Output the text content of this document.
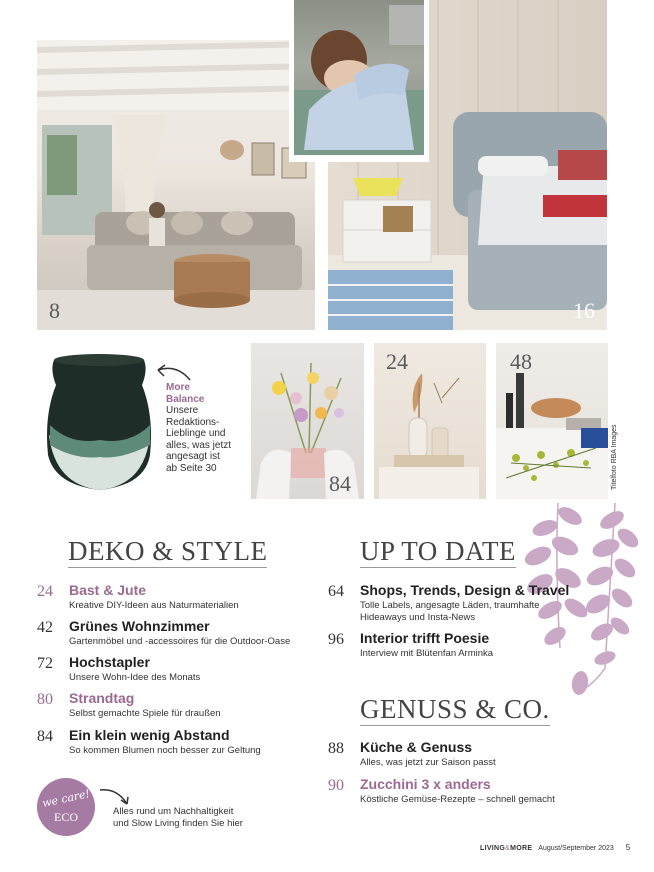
8	16
More
Balance
Unsere
Redaktions-
Lieblinge und
alles, was jetzt
angesagt ist
ab Seite 30
84
24	48
Titelfoto RBA Images
DEKO & STYLE	UP TO DATE
GENUSS & CO.
24	Bast & Jute
Kreative DIY-Ideen aus Naturmaterialien
42	Grünes Wohnzimmer
Gartenmöbel und -accessoires für die Outdoor-Oase
72	Hochstapler
Unsere Wohn-Idee des Monats
80	Strandtag
Selbst gemachte Spiele für draußen
84	Ein klein wenig Abstand
So kommen Blumen noch besser zur Geltung
64	Shops, Trends, Design & Travel
Tolle Labels, angesagte Läden, traumhafte
Hideaways und Insta-News
96	Interior trifft Poesie
Interview mit Blütenfan Arminka
88	Küche & Genuss
Alles, was jetzt zur Saison passt
90	Zucchini 3 x anders
Köstliche Gemüse-Rezepte – schnell gemacht
we care!
ECO	Alles rund um Nachhaltigkeit
und Slow Living finden Sie hier
LIVING&MORE August/September 2023 5
